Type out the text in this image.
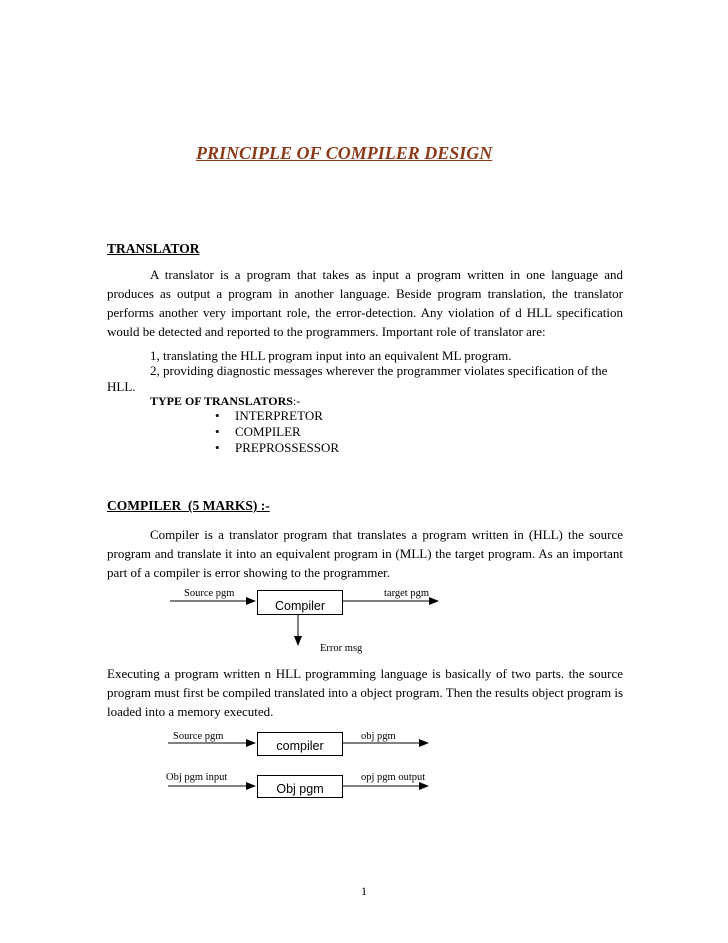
PRINCIPLE OF COMPILER DESIGN
TRANSLATOR
A translator is a program that takes as input a program written in one language and produces as output a program in another language. Beside program translation, the translator performs another very important role, the error-detection. Any violation of d HLL specification would be detected and reported to the programmers. Important role of translator are:
1, translating the HLL program input into an equivalent ML program.
2, providing diagnostic messages wherever the programmer violates specification of the
HLL.
TYPE OF TRANSLATORS:-
• INTERPRETOR
• COMPILER
• PREPROSSESSOR
COMPILER  (5 MARKS) :-
Compiler is a translator program that translates a program written in (HLL) the source program and translate it into an equivalent program in (MLL) the target program. As an important part of a compiler is error showing to the programmer.
Source pgm
Compiler
target pgm
Error msg
Executing a program written n HLL programming language is basically of two parts. the source program must first be compiled translated into a object program. Then the results object program is loaded into a memory executed.
Source pgm
compiler
obj pgm
Obj pgm input
Obj pgm
opj pgm output
1
